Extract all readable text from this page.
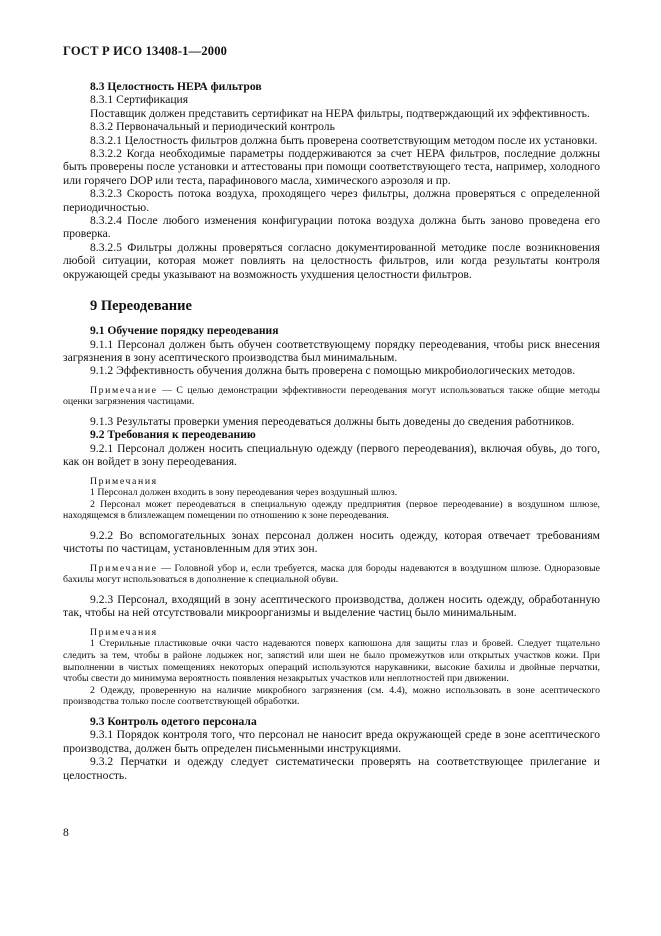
ГОСТ Р ИСО 13408-1—2000

8.3 Целостность НЕРА фильтров

8.3.1 Сертификация

Поставщик должен представить сертификат на НЕРА фильтры, подтверждающий их эффективность.

8.3.2 Первоначальный и периодический контроль

8.3.2.1 Целостность фильтров должна быть проверена соответствующим методом после их установки.

8.3.2.2 Когда необходимые параметры поддерживаются за счет НЕРА фильтров, последние должны быть проверены после установки и аттестованы при помощи соответствующего теста, например, холодного или горячего DOP или теста, парафинового масла, химического аэрозоля и пр.

8.3.2.3 Скорость потока воздуха, проходящего через фильтры, должна проверяться с определенной периодичностью.

8.3.2.4 После любого изменения конфигурации потока воздуха должна быть заново проведена его проверка.

8.3.2.5 Фильтры должны проверяться согласно документированной методике после возникновения любой ситуации, которая может повлиять на целостность фильтров, или когда результаты контроля окружающей среды указывают на возможность ухудшения целостности фильтров.

9 Переодевание

9.1 Обучение порядку переодевания

9.1.1 Персонал должен быть обучен соответствующему порядку переодевания, чтобы риск внесения загрязнения в зону асептического производства был минимальным.

9.1.2 Эффективность обучения должна быть проверена с помощью микробиологических методов.

Примечание — С целью демонстрации эффективности переодевания могут использоваться также общие методы оценки загрязнения частицами.

9.1.3 Результаты проверки умения переодеваться должны быть доведены до сведения работников.

9.2 Требования к переодеванию

9.2.1 Персонал должен носить специальную одежду (первого переодевания), включая обувь, до того, как он войдет в зону переодевания.

Примечания

1 Персонал должен входить в зону переодевания через воздушный шлюз.

2 Персонал может переодеваться в специальную одежду предприятия (первое переодевание) в воздушном шлюзе, находящемся в близлежащем помещении по отношению к зоне переодевания.

9.2.2 Во вспомогательных зонах персонал должен носить одежду, которая отвечает требованиям чистоты по частицам, установленным для этих зон.

Примечание — Головной убор и, если требуется, маска для бороды надеваются в воздушном шлюзе. Одноразовые бахилы могут использоваться в дополнение к специальной обуви.

9.2.3 Персонал, входящий в зону асептического производства, должен носить одежду, обработанную так, чтобы на ней отсутствовали микроорганизмы и выделение частиц было минимальным.

Примечания

1 Стерильные пластиковые очки часто надеваются поверх капюшона для защиты глаз и бровей. Следует тщательно следить за тем, чтобы в районе лодыжек ног, запястий или шеи не было промежутков или открытых участков кожи. При выполнении в чистых помещениях некоторых операций используются нарукавники, высокие бахилы и двойные перчатки, чтобы свести до минимума вероятность появления незакрытых участков или неплотностей при движении.

2 Одежду, проверенную на наличие микробного загрязнения (см. 4.4), можно использовать в зоне асептического производства только после соответствующей обработки.

9.3 Контроль одетого персонала

9.3.1 Порядок контроля того, что персонал не наносит вреда окружающей среде в зоне асептического производства, должен быть определен письменными инструкциями.

9.3.2 Перчатки и одежду следует систематически проверять на соответствующее прилегание и целостность.

8
